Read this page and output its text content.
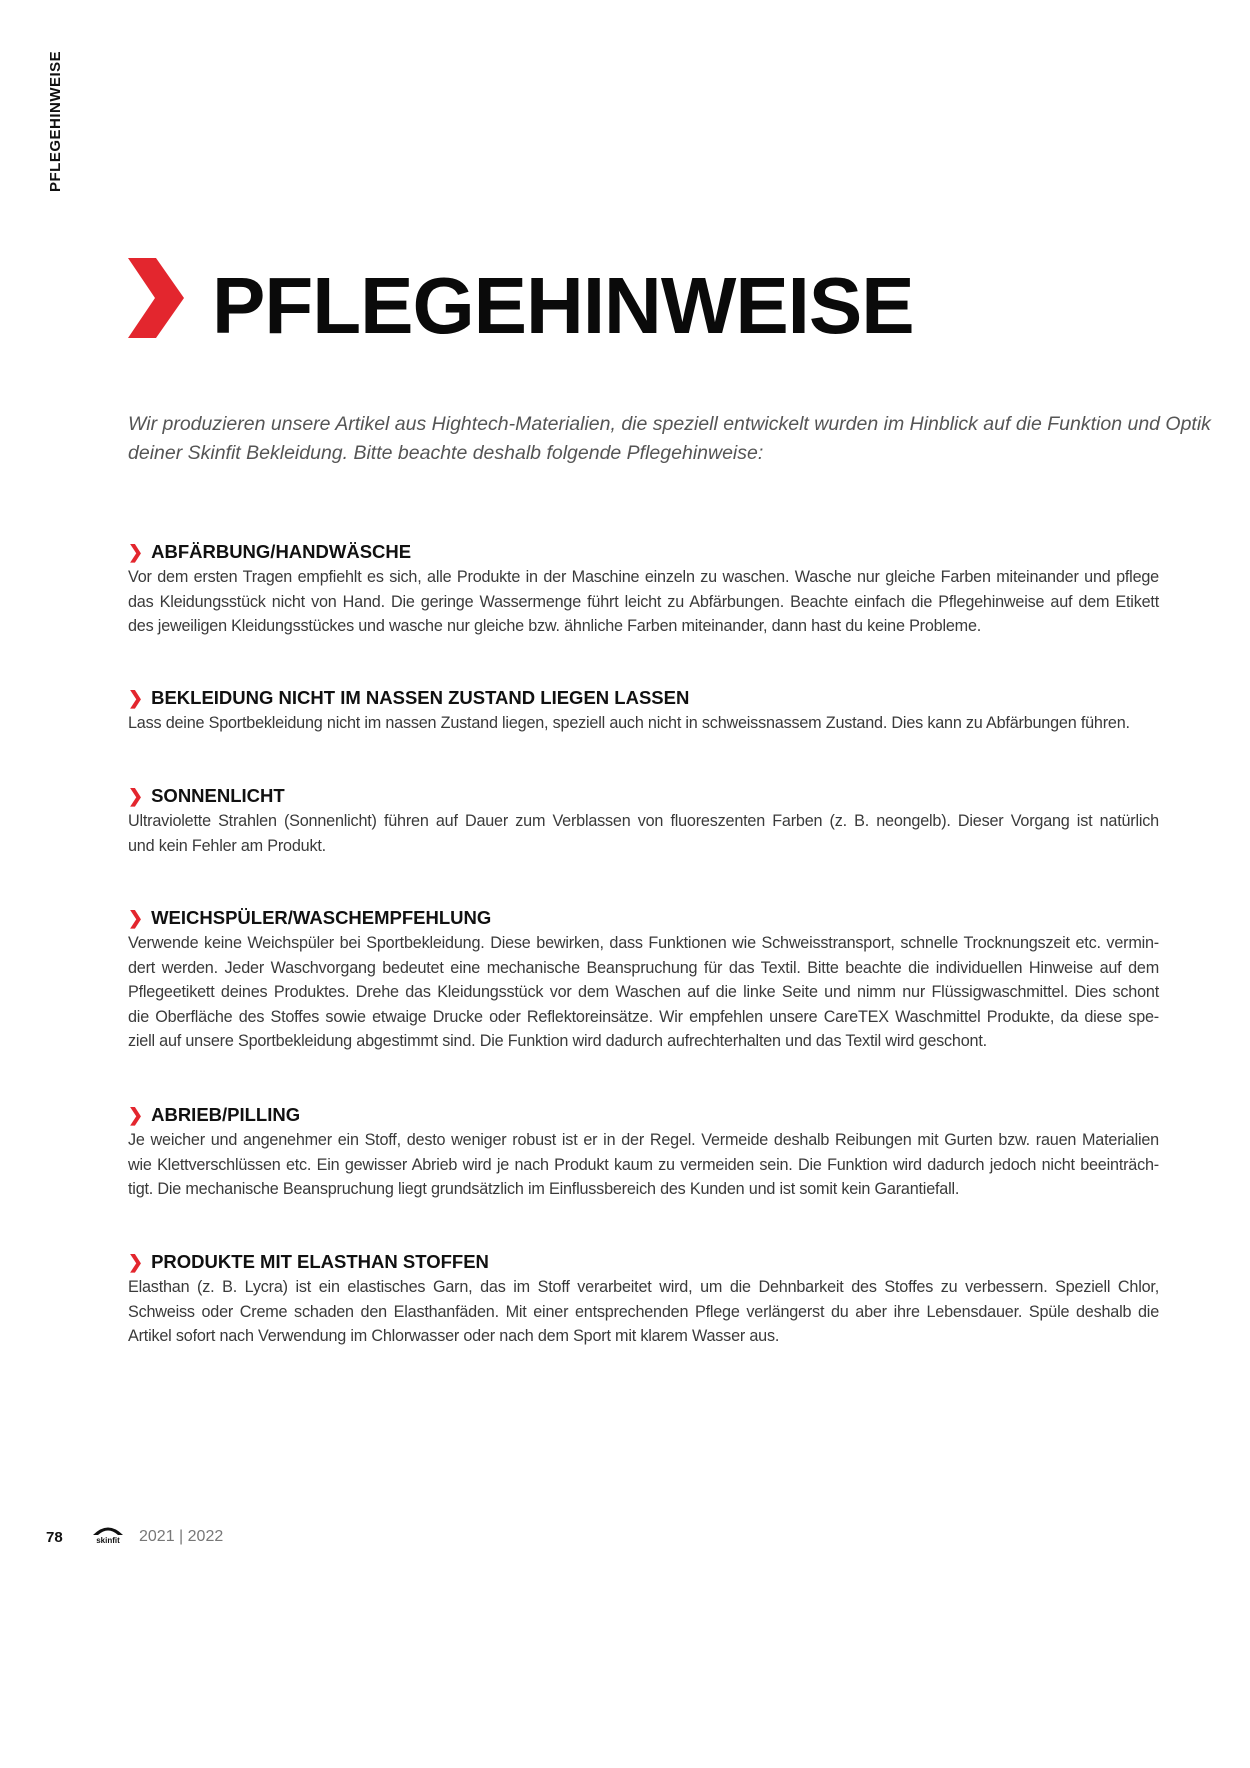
PFLEGEHINWEISE
PFLEGEHINWEISE
Wir produzieren unsere Artikel aus Hightech-Materialien, die speziell entwickelt wurden im Hinblick auf die Funktion und Optik
deiner Skinfit Bekleidung. Bitte beachte deshalb folgende Pflegehinweise:
❯ ABFÄRBUNG/HANDWÄSCHE
Vor dem ersten Tragen empfiehlt es sich, alle Produkte in der Maschine einzeln zu waschen. Wasche nur gleiche Farben miteinander und pflege
das Kleidungsstück nicht von Hand. Die geringe Wassermenge führt leicht zu Abfärbungen. Beachte einfach die Pflegehinweise auf dem Etikett
des jeweiligen Kleidungsstückes und wasche nur gleiche bzw. ähnliche Farben miteinander, dann hast du keine Probleme.
❯ BEKLEIDUNG NICHT IM NASSEN ZUSTAND LIEGEN LASSEN
Lass deine Sportbekleidung nicht im nassen Zustand liegen, speziell auch nicht in schweissnassem Zustand. Dies kann zu Abfärbungen führen.
❯ SONNENLICHT
Ultraviolette Strahlen (Sonnenlicht) führen auf Dauer zum Verblassen von fluoreszenten Farben (z. B. neongelb). Dieser Vorgang ist natürlich
und kein Fehler am Produkt.
❯ WEICHSPÜLER/WASCHEMPFEHLUNG
Verwende keine Weichspüler bei Sportbekleidung. Diese bewirken, dass Funktionen wie Schweisstransport, schnelle Trocknungszeit etc. vermin-
dert werden. Jeder Waschvorgang bedeutet eine mechanische Beanspruchung für das Textil. Bitte beachte die individuellen Hinweise auf dem
Pflegeetikett deines Produktes. Drehe das Kleidungsstück vor dem Waschen auf die linke Seite und nimm nur Flüssigwaschmittel. Dies schont
die Oberfläche des Stoffes sowie etwaige Drucke oder Reflektoreinsätze. Wir empfehlen unsere CareTEX Waschmittel Produkte, da diese spe-
ziell auf unsere Sportbekleidung abgestimmt sind. Die Funktion wird dadurch aufrechterhalten und das Textil wird geschont.
❯ ABRIEB/PILLING
Je weicher und angenehmer ein Stoff, desto weniger robust ist er in der Regel. Vermeide deshalb Reibungen mit Gurten bzw. rauen Materialien
wie Klettverschlüssen etc. Ein gewisser Abrieb wird je nach Produkt kaum zu vermeiden sein. Die Funktion wird dadurch jedoch nicht beeinträch-
tigt. Die mechanische Beanspruchung liegt grundsätzlich im Einflussbereich des Kunden und ist somit kein Garantiefall.
❯ PRODUKTE MIT ELASTHAN STOFFEN
Elasthan (z. B. Lycra) ist ein elastisches Garn, das im Stoff verarbeitet wird, um die Dehnbarkeit des Stoffes zu verbessern. Speziell Chlor,
Schweiss oder Creme schaden den Elasthanfäden. Mit einer entsprechenden Pflege verlängerst du aber ihre Lebensdauer. Spüle deshalb die
Artikel sofort nach Verwendung im Chlorwasser oder nach dem Sport mit klarem Wasser aus.
78	skinfit 2021 | 2022
